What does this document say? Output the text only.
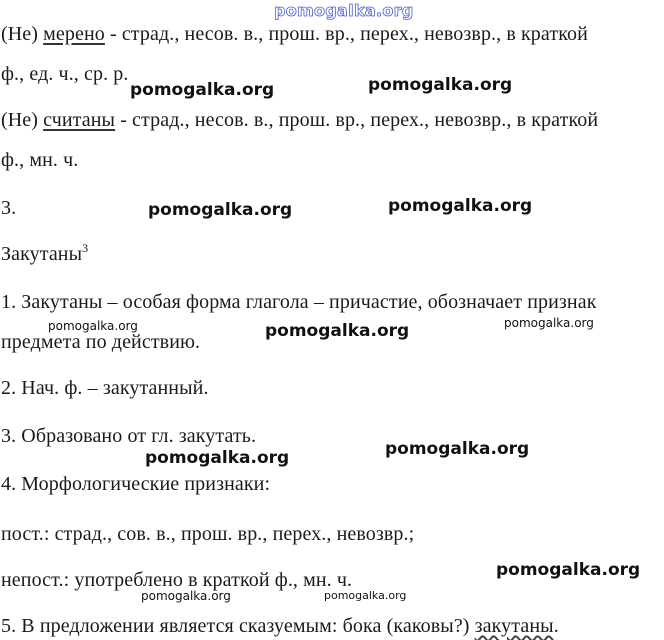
pomogalka.org
(Не) мерено - страд., несов. в., прош. вр., перех., невозвр., в краткой
ф., ед. ч., ср. р.
(Не) считаны - страд., несов. в., прош. вр., перех., невозвр., в краткой
ф., мн. ч.
3.
Закутаны$^3$
1. Закутаны – особая форма глагола – причастие, обозначает признак
предмета по действию.
2. Нач. ф. – закутанный.
3. Образовано от гл. закутать.
4. Морфологические признаки:
пост.: страд., сов. в., прош. вр., перех., невозвр.;
непост.: употреблено в краткой ф., мн. ч.
5. В предложении является сказуемым: бока (каковы?) закутаны.
pomogalka.org	pomogalka.org
pomogalka.org	pomogalka.org
pomogalka.org	pomogalka.org	pomogalka.org
pomogalka.org	pomogalka.org
pomogalka.org
pomogalka.org	pomogalka.org
